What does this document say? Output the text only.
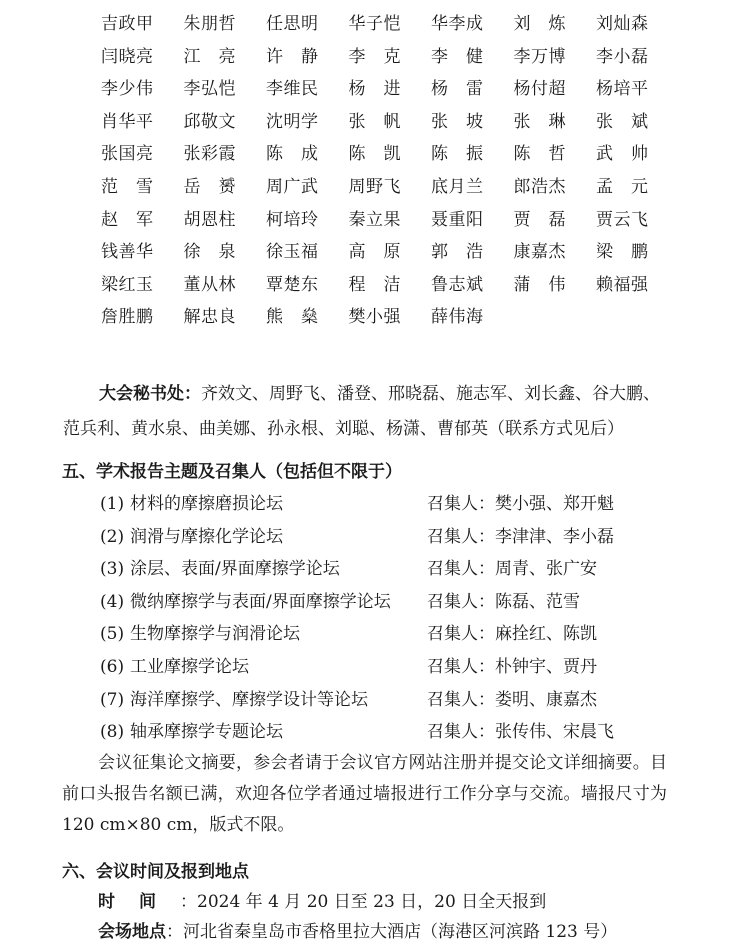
吉政甲	朱朋哲	任思明	华子恺	华李成	刘　炼	刘灿森
闫晓亮	江　亮	许　静	李　克	李　健	李万博	李小磊
李少伟	李弘恺	李维民	杨　进	杨　雷	杨付超	杨培平
肖华平	邱敬文	沈明学	张　帆	张　坡	张　琳	张　斌
张国亮	张彩霞	陈　成	陈　凯	陈　振	陈　哲	武　帅
范　雪	岳　赟	周广武	周野飞	底月兰	郎浩杰	孟　元
赵　军	胡恩柱	柯培玲	秦立果	聂重阳	贾　磊	贾云飞
钱善华	徐　泉	徐玉福	高　原	郭　浩	康嘉杰	梁　鹏
梁红玉	董从林	覃楚东	程　洁	鲁志斌	蒲　伟	赖福强
詹胜鹏	解忠良	熊　燊	樊小强	薛伟海
大会秘书处：齐效文、周野飞、潘登、邢晓磊、施志军、刘长鑫、谷大鹏、
范兵利、黄水泉、曲美娜、孙永根、刘聪、杨潇、曹郁英（联系方式见后）
五、学术报告主题及召集人（包括但不限于）
(1) 材料的摩擦磨损论坛	召集人：樊小强、郑开魁
(2) 润滑与摩擦化学论坛	召集人：李津津、李小磊
(3) 涂层、表面/界面摩擦学论坛	召集人：周青、张广安
(4) 微纳摩擦学与表面/界面摩擦学论坛 召集人：陈磊、范雪
(5) 生物摩擦学与润滑论坛	召集人：麻拴红、陈凯
(6) 工业摩擦学论坛	召集人：朴钟宇、贾丹
(7) 海洋摩擦学、摩擦学设计等论坛	召集人：娄明、康嘉杰
(8) 轴承摩擦学专题论坛	召集人：张传伟、宋晨飞
会议征集论文摘要，参会者请于会议官方网站注册并提交论文详细摘要。目前口头报告名额已满，欢迎各位学者通过墙报进行工作分享与交流。墙报尺寸为 120 cm×80 cm，版式不限。
六、会议时间及报到地点
时间：2024 年 4 月 20 日至 23 日，20 日全天报到
会场地点：河北省秦皇岛市香格里拉大酒店（海港区河滨路 123 号）
